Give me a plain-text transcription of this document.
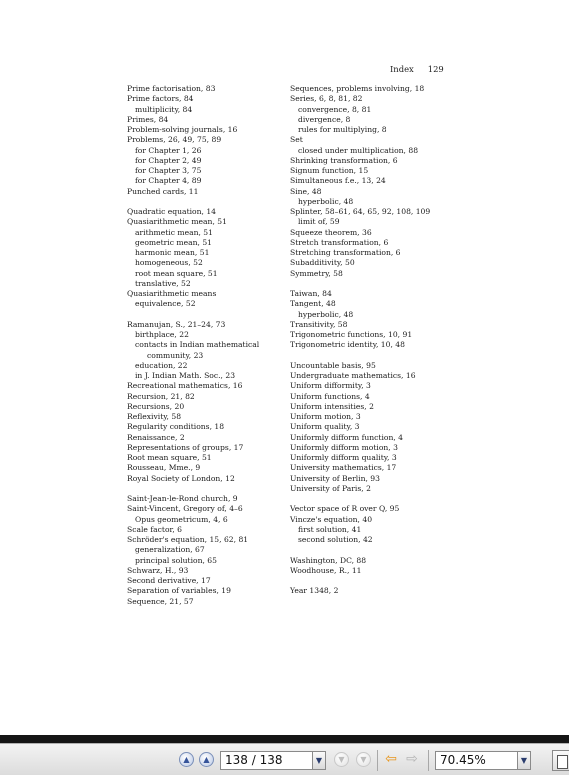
Index 129
Prime factorisation, 83
Prime factors, 84
multiplicity, 84
Primes, 84
Problem-solving journals, 16
Problems, 26, 49, 75, 89
for Chapter 1, 26
for Chapter 2, 49
for Chapter 3, 75
for Chapter 4, 89
Punched cards, 11
Quadratic equation, 14
Quasiarithmetic mean, 51
arithmetic mean, 51
geometric mean, 51
harmonic mean, 51
homogeneous, 52
root mean square, 51
translative, 52
Quasiarithmetic means
equivalence, 52
Ramanujan, S., 21–24, 73
birthplace, 22
contacts in Indian mathematical
community, 23
education, 22
in J. Indian Math. Soc., 23
Recreational mathematics, 16
Recursion, 21, 82
Recursions, 20
Reflexivity, 58
Regularity conditions, 18
Renaissance, 2
Representations of groups, 17
Root mean square, 51
Rousseau, Mme., 9
Royal Society of London, 12
Saint-Jean-le-Rond church, 9
Saint-Vincent, Gregory of, 4–6
Opus geometricum, 4, 6
Scale factor, 6
Schröder's equation, 15, 62, 81
generalization, 67
principal solution, 65
Schwarz, H., 93
Second derivative, 17
Separation of variables, 19
Sequence, 21, 57
Sequences, problems involving, 18
Series, 6, 8, 81, 82
convergence, 8, 81
divergence, 8
rules for multiplying, 8
Set
closed under multiplication, 88
Shrinking transformation, 6
Signum function, 15
Simultaneous f.e., 13, 24
Sine, 48
hyperbolic, 48
Splinter, 58–61, 64, 65, 92, 108, 109
limit of, 59
Squeeze theorem, 36
Stretch transformation, 6
Stretching transformation, 6
Subadditivity, 50
Symmetry, 58
Taiwan, 84
Tangent, 48
hyperbolic, 48
Transitivity, 58
Trigonometric functions, 10, 91
Trigonometric identity, 10, 48
Uncountable basis, 95
Undergraduate mathematics, 16
Uniform difformity, 3
Uniform functions, 4
Uniform intensities, 2
Uniform motion, 3
Uniform quality, 3
Uniformly difform function, 4
Uniformly difform motion, 3
Uniformly difform quality, 3
University mathematics, 17
University of Berlin, 93
University of Paris, 2
Vector space of R over Q, 95
Vincze's equation, 40
first solution, 41
second solution, 42
Washington, DC, 88
Woodhouse, R., 11
Year 1348, 2
▲	▲	138 / 138	▼	▼	▼	⇦ ⇨	70.45%	▼
